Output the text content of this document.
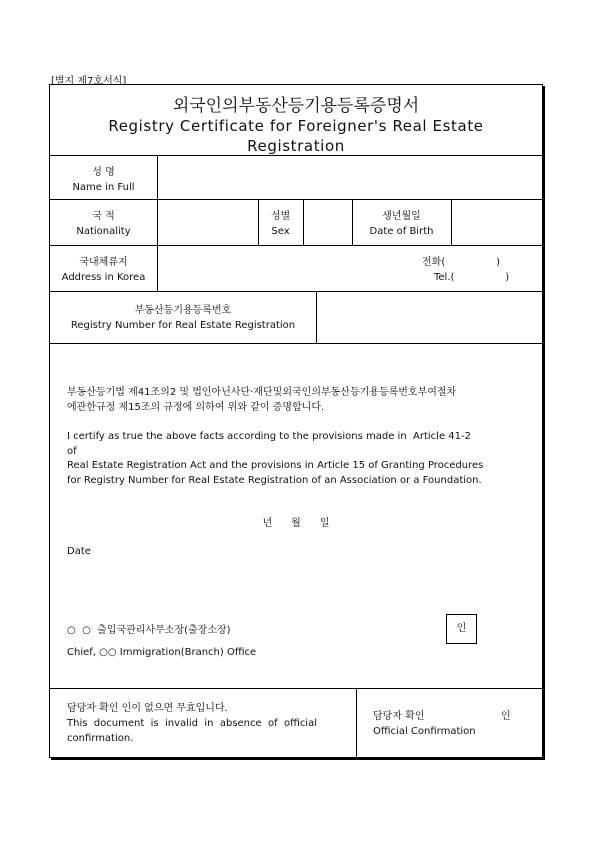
[별지 제7호서식]
외국인의부동산등기용등록증명서
Registry Certificate for Foreigner's Real Estate
Registration
성 명
Name in Full
국 적
Nationality
성별
Sex
생년월일
Date of Birth
국내체류지
Address in Korea
전화(                )
Tel.(                )
부동산등기용등록번호
Registry Number for Real Estate Registration
부동산등기법 제41조의2 및 법인아닌사단·재단및외국인의부동산등기용등록번호부여절차
에관한규정 제15조의 규정에 의하여 위와 같이 증명합니다.
I certify as true the above facts according to the provisions made in  Article 41-2
of
Real Estate Registration Act and the provisions in Article 15 of Granting Procedures
for Registry Number for Real Estate Registration of an Association or a Foundation.
년      월      일
Date
○  ○  출입국관리사무소장(출장소장)
Chief, ○○ Immigration(Branch) Office
인
담당자 확인 인이 없으면 무효입니다.
This  document  is  invalid  in  absence  of  official
confirmation.
담당자 확인	인
Official Confirmation
